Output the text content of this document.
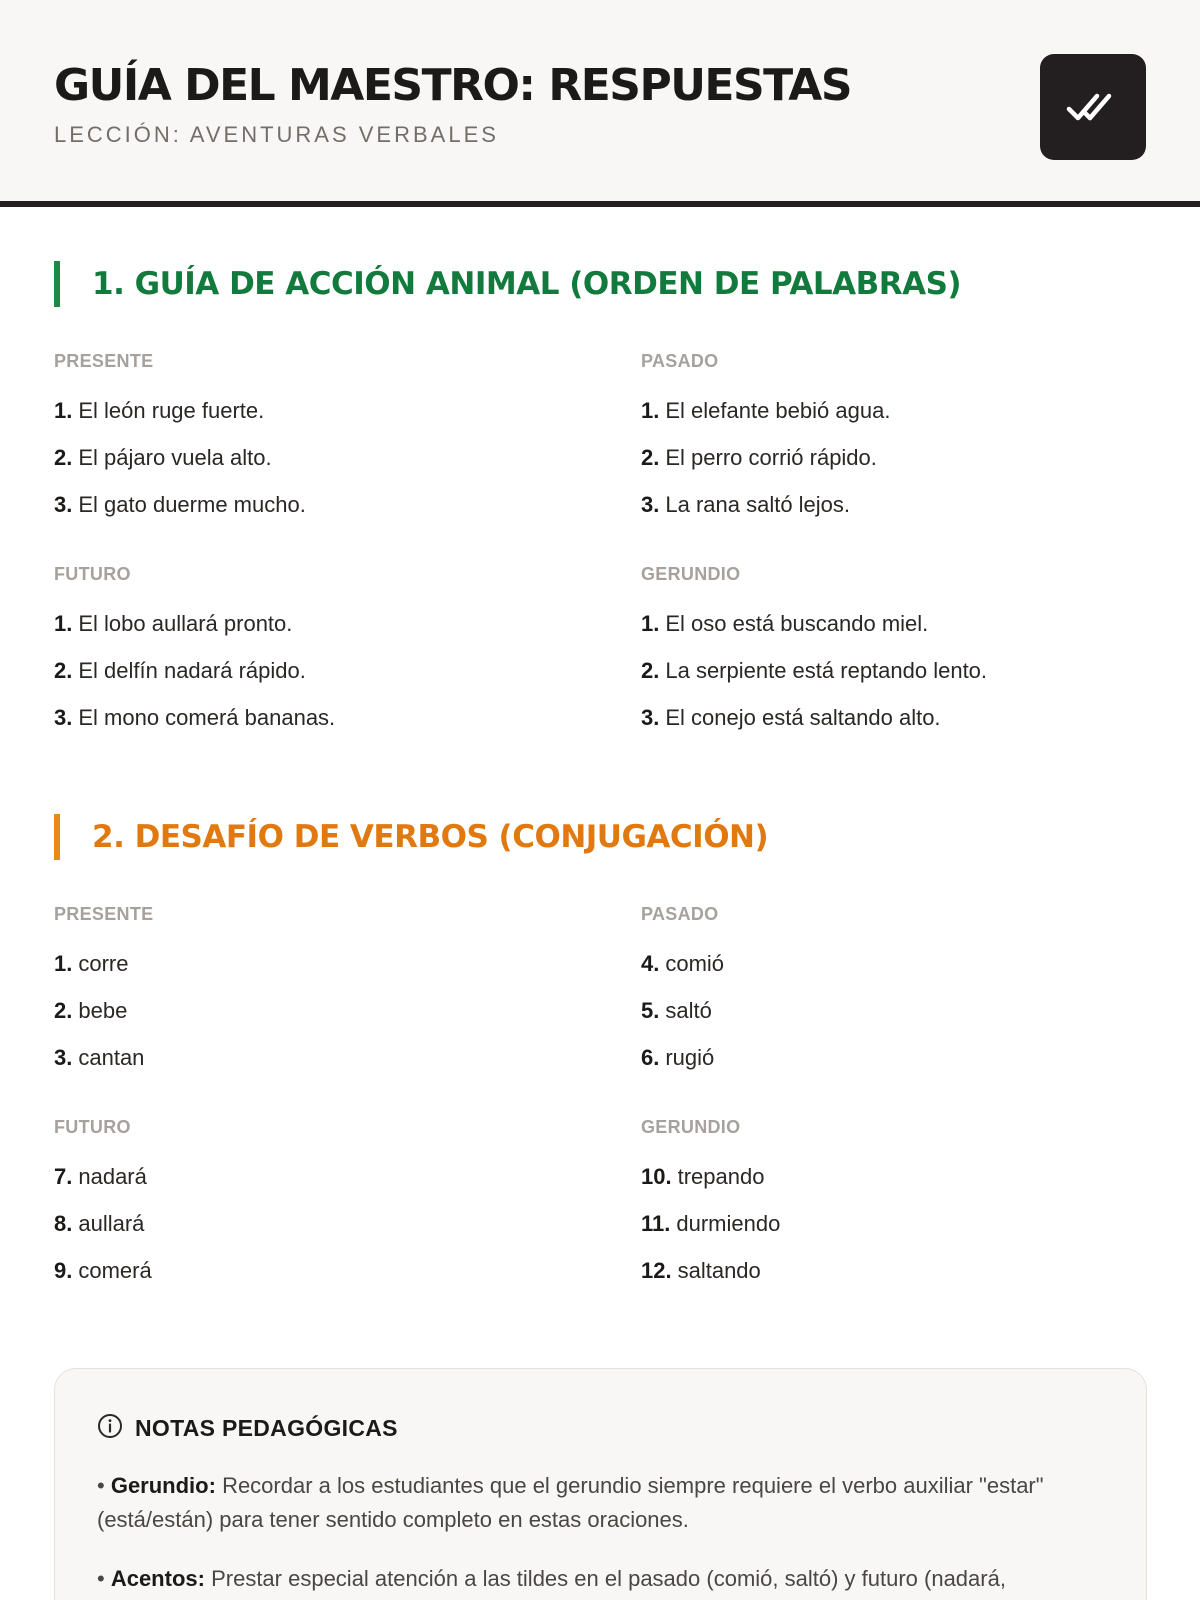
GUÍA DEL MAESTRO: RESPUESTAS
LECCIÓN: AVENTURAS VERBALES
1. GUÍA DE ACCIÓN ANIMAL (ORDEN DE PALABRAS)
PRESENTE
1. El león ruge fuerte.
2. El pájaro vuela alto.
3. El gato duerme mucho.
PASADO
1. El elefante bebió agua.
2. El perro corrió rápido.
3. La rana saltó lejos.
FUTURO
1. El lobo aullará pronto.
2. El delfín nadará rápido.
3. El mono comerá bananas.
GERUNDIO
1. El oso está buscando miel.
2. La serpiente está reptando lento.
3. El conejo está saltando alto.
2. DESAFÍO DE VERBOS (CONJUGACIÓN)
PRESENTE
1. corre
2. bebe
3. cantan
PASADO
4. comió
5. saltó
6. rugió
FUTURO
7. nadará
8. aullará
9. comerá
GERUNDIO
10. trepando
11. durmiendo
12. saltando
NOTAS PEDAGÓGICAS

• Gerundio: Recordar a los estudiantes que el gerundio siempre requiere el verbo auxiliar "estar" (está/están) para tener sentido completo en estas oraciones.

• Acentos: Prestar especial atención a las tildes en el pasado (comió, saltó) y futuro (nadará,
